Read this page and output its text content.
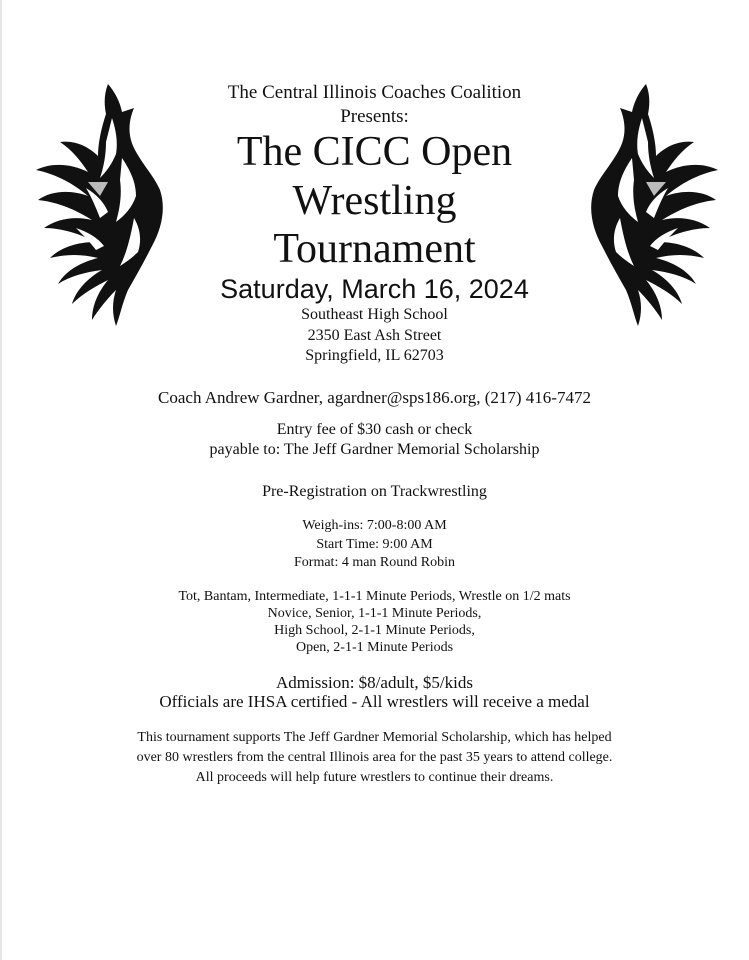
The Central Illinois Coaches Coalition
Presents:
The CICC Open
Wrestling
Tournament
Saturday, March 16, 2024
Southeast High School
2350 East Ash Street
Springfield, IL 62703
Coach Andrew Gardner, agardner@sps186.org, (217) 416-7472
Entry fee of $30 cash or check
payable to: The Jeff Gardner Memorial Scholarship
Pre-Registration on Trackwrestling
Weigh-ins: 7:00-8:00 AM
Start Time: 9:00 AM
Format: 4 man Round Robin
Tot, Bantam, Intermediate, 1-1-1 Minute Periods, Wrestle on 1/2 mats
Novice, Senior, 1-1-1 Minute Periods,
High School, 2-1-1 Minute Periods,
Open, 2-1-1 Minute Periods
Admission: $8/adult, $5/kids
Officials are IHSA certified - All wrestlers will receive a medal
This tournament supports The Jeff Gardner Memorial Scholarship, which has helped
over 80 wrestlers from the central Illinois area for the past 35 years to attend college.
All proceeds will help future wrestlers to continue their dreams.
